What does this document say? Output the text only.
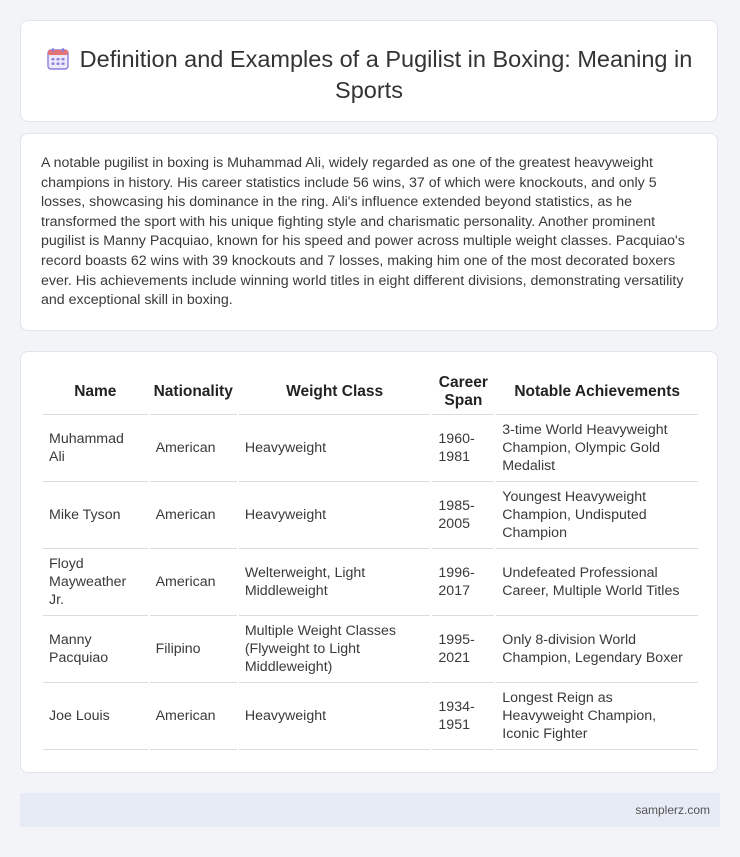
Definition and Examples of a Pugilist in Boxing: Meaning in Sports

A notable pugilist in boxing is Muhammad Ali, widely regarded as one of the greatest heavyweight champions in history. His career statistics include 56 wins, 37 of which were knockouts, and only 5 losses, showcasing his dominance in the ring. Ali's influence extended beyond statistics, as he transformed the sport with his unique fighting style and charismatic personality. Another prominent pugilist is Manny Pacquiao, known for his speed and power across multiple weight classes. Pacquiao's record boasts 62 wins with 39 knockouts and 7 losses, making him one of the most decorated boxers ever. His achievements include winning world titles in eight different divisions, demonstrating versatility and exceptional skill in boxing.

Name	Nationality	Weight Class	Career Span	Notable Achievements
Muhammad Ali	American	Heavyweight	1960-1981	3-time World Heavyweight Champion, Olympic Gold Medalist
Mike Tyson	American	Heavyweight	1985-2005	Youngest Heavyweight Champion, Undisputed Champion
Floyd Mayweather Jr.	American	Welterweight, Light Middleweight	1996-2017	Undefeated Professional Career, Multiple World Titles
Manny Pacquiao	Filipino	Multiple Weight Classes (Flyweight to Light Middleweight)	1995-2021	Only 8-division World Champion, Legendary Boxer
Joe Louis	American	Heavyweight	1934-1951	Longest Reign as Heavyweight Champion, Iconic Fighter
samplerz.com
